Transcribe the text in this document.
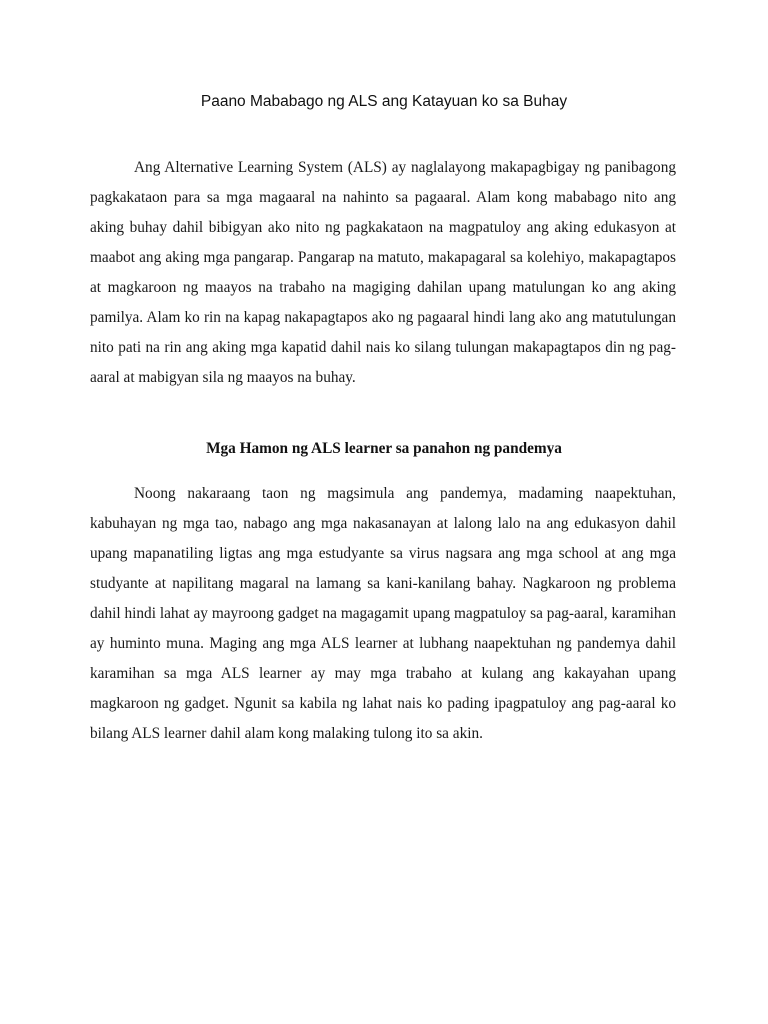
Paano Mababago ng ALS ang Katayuan ko sa Buhay

Ang Alternative Learning System (ALS) ay naglalayong makapagbigay ng panibagong pagkakataon para sa mga magaaral na nahinto sa pagaaral. Alam kong mababago nito ang aking buhay dahil bibigyan ako nito ng pagkakataon na magpatuloy ang aking edukasyon at maabot ang aking mga pangarap. Pangarap na matuto, makapagaral sa kolehiyo, makapagtapos at magkaroon ng maayos na trabaho na magiging dahilan upang matulungan ko ang aking pamilya. Alam ko rin na kapag nakapagtapos ako ng pagaaral hindi lang ako ang matutulungan nito pati na rin ang aking mga kapatid dahil nais ko silang tulungan makapagtapos din ng pag-aaral at mabigyan sila ng maayos na buhay.

Mga Hamon ng ALS learner sa panahon ng pandemya

Noong nakaraang taon ng magsimula ang pandemya, madaming naapektuhan, kabuhayan ng mga tao, nabago ang mga nakasanayan at lalong lalo na ang edukasyon dahil upang mapanatiling ligtas ang mga estudyante sa virus nagsara ang mga school at ang mga studyante at napilitang magaral na lamang sa kani-kanilang bahay. Nagkaroon ng problema dahil hindi lahat ay mayroong gadget na magagamit upang magpatuloy sa pag-aaral, karamihan ay huminto muna. Maging ang mga ALS learner at lubhang naapektuhan ng pandemya dahil karamihan sa mga ALS learner ay may mga trabaho at kulang ang kakayahan upang magkaroon ng gadget. Ngunit sa kabila ng lahat nais ko pading ipagpatuloy ang pag-aaral ko bilang ALS learner dahil alam kong malaking tulong ito sa akin.
